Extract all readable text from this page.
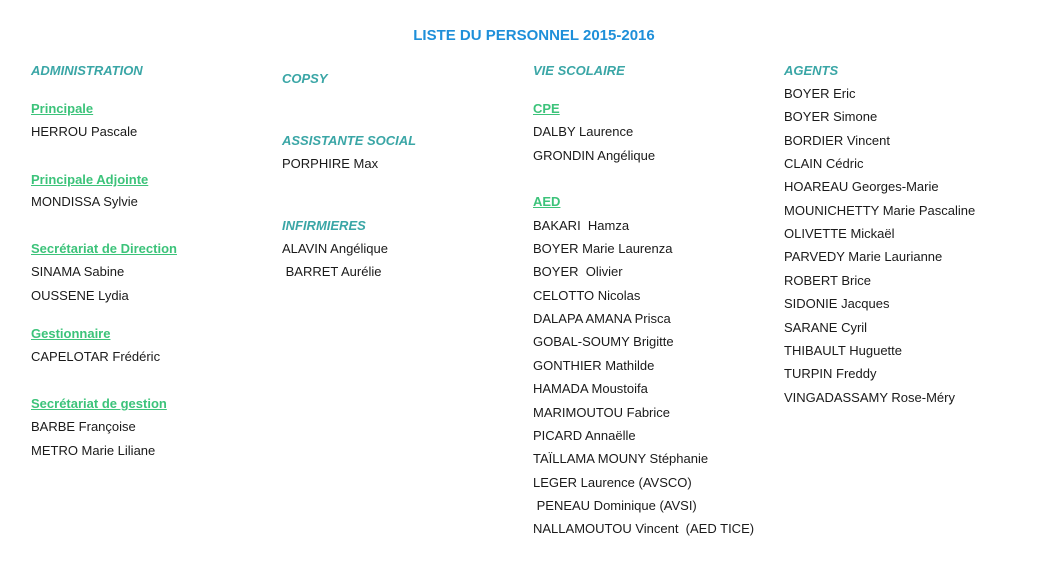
LISTE DU PERSONNEL 2015-2016
ADMINISTRATION
Principale
HERROU Pascale
Principale Adjointe
MONDISSA Sylvie
Secrétariat de Direction
SINAMA Sabine
OUSSENE Lydia
Gestionnaire
CAPELOTAR Frédéric
Secrétariat de gestion
BARBE Françoise
METRO Marie Liliane
COPSY
ASSISTANTE SOCIAL
PORPHIRE Max
INFIRMIERES
ALAVIN Angélique
BARRET Aurélie
VIE SCOLAIRE
CPE
DALBY Laurence
GRONDIN Angélique
AED
BAKARI  Hamza
BOYER Marie Laurenza
BOYER  Olivier
CELOTTO Nicolas
DALAPA AMANA Prisca
GOBAL-SOUMY Brigitte
GONTHIER Mathilde
HAMADA Moustoifa
MARIMOUTOU Fabrice
PICARD Annaëlle
TAÏLLAMA MOUNY Stéphanie
LEGER Laurence (AVSCO)
PENEAU Dominique (AVSI)
NALLAMOUTOU Vincent  (AED TICE)
AGENTS
BOYER Eric
BOYER Simone
BORDIER Vincent
CLAIN Cédric
HOAREAU Georges-Marie
MOUNICHETTY Marie Pascaline
OLIVETTE Mickaël
PARVEDY Marie Laurianne
ROBERT Brice
SIDONIE Jacques
SARANE Cyril
THIBAULT Huguette
TURPIN Freddy
VINGADASSAMY Rose-Méry
